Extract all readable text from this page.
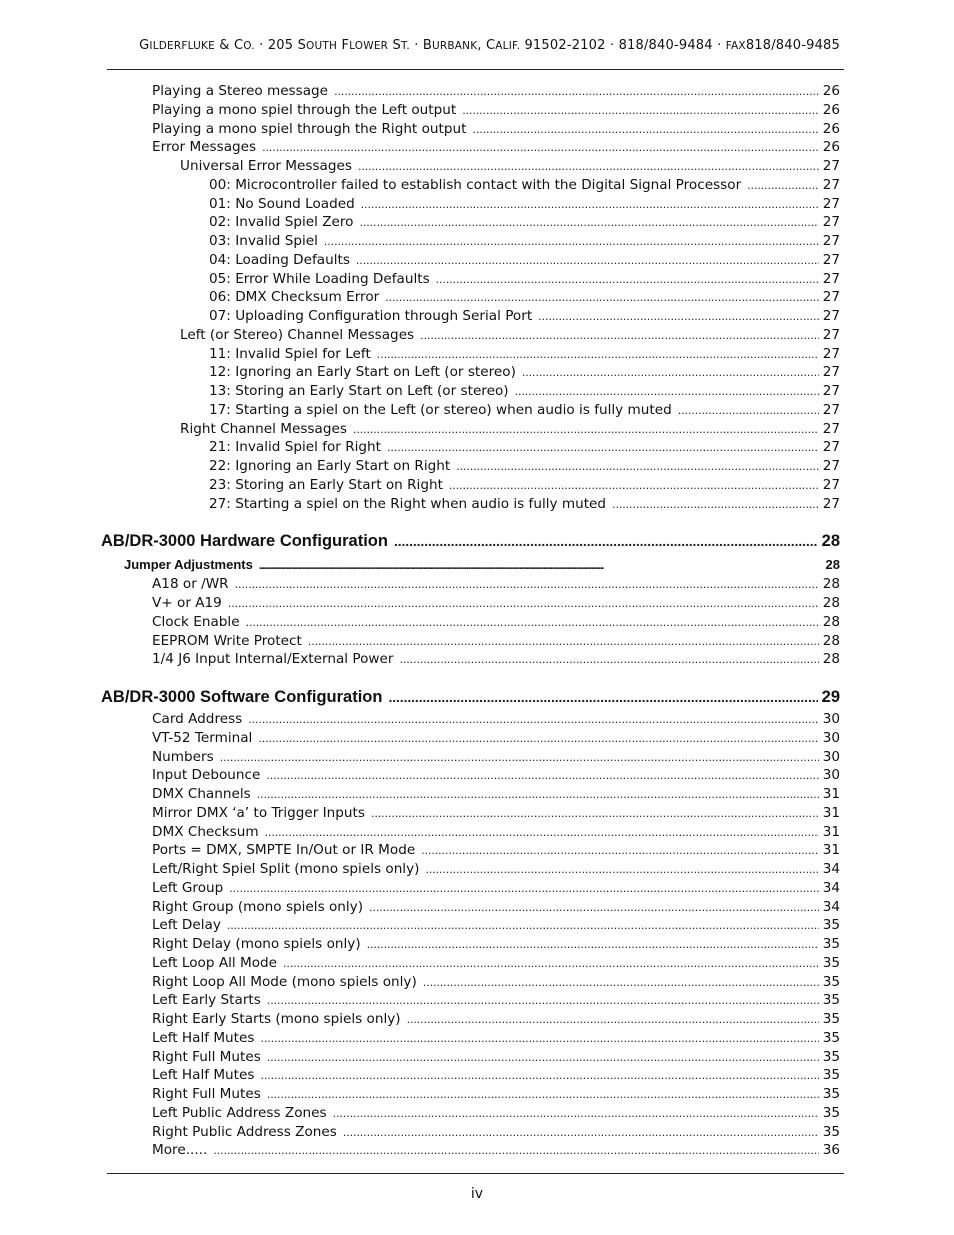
GILDERFLUKE & CO. · 205 SOUTH FLOWER ST. · BURBANK, CALIF. 91502-2102 · 818/840-9484 · FAX818/840-9485
Playing a Stereo message . . .	26
Playing a mono spiel through the Left output . . .	26
Playing a mono spiel through the Right output . . .	26
Error Messages . . .	26
Universal Error Messages . . .	27
00: Microcontroller failed to establish contact with the Digital Signal Processor . . .	27
01: No Sound Loaded . . .	27
02: Invalid Spiel Zero . . .	27
03: Invalid Spiel . . .	27
04: Loading Defaults . . .	27
05: Error While Loading Defaults . . .	27
06: DMX Checksum Error . . .	27
07: Uploading Configuration through Serial Port . . .	27
Left (or Stereo) Channel Messages . . .	27
11: Invalid Spiel for Left . . .	27
12: Ignoring an Early Start on Left (or stereo) . . .	27
13: Storing an Early Start on Left (or stereo) . . .	27
17: Starting a spiel on the Left (or stereo) when audio is fully muted . . .	27
Right Channel Messages . . .	27
21: Invalid Spiel for Right . . .	27
22: Ignoring an Early Start on Right . . .	27
23: Storing an Early Start on Right . . .	27
27: Starting a spiel on the Right when audio is fully muted . . .	27
AB/DR-3000 Hardware Configuration . . .	28
Jumper Adjustments . . .	28
A18 or /WR . . .	28
V+ or A19 . . .	28
Clock Enable . . .	28
EEPROM Write Protect . . .	28
1/4 J6 Input Internal/External Power . . .	28
AB/DR-3000 Software Configuration . . .	29
Card Address . . .	30
VT-52 Terminal . . .	30
Numbers . . .	30
Input Debounce . . .	30
DMX Channels . . .	31
Mirror DMX ‘a’ to Trigger Inputs . . .	31
DMX Checksum . . .	31
Ports = DMX, SMPTE In/Out or IR Mode . . .	31
Left/Right Spiel Split (mono spiels only) . . .	34
Left Group . . .	34
Right Group (mono spiels only) . . .	34
Left Delay . . .	35
Right Delay (mono spiels only) . . .	35
Left Loop All Mode . . .	35
Right Loop All Mode (mono spiels only) . . .	35
Left Early Starts . . .	35
Right Early Starts (mono spiels only) . . .	35
Left Half Mutes . . .	35
Right Full Mutes . . .	35
Left Half Mutes . . .	35
Right Full Mutes . . .	35
Left Public Address Zones . . .	35
Right Public Address Zones . . .	35
More..... . . .	36
iv
